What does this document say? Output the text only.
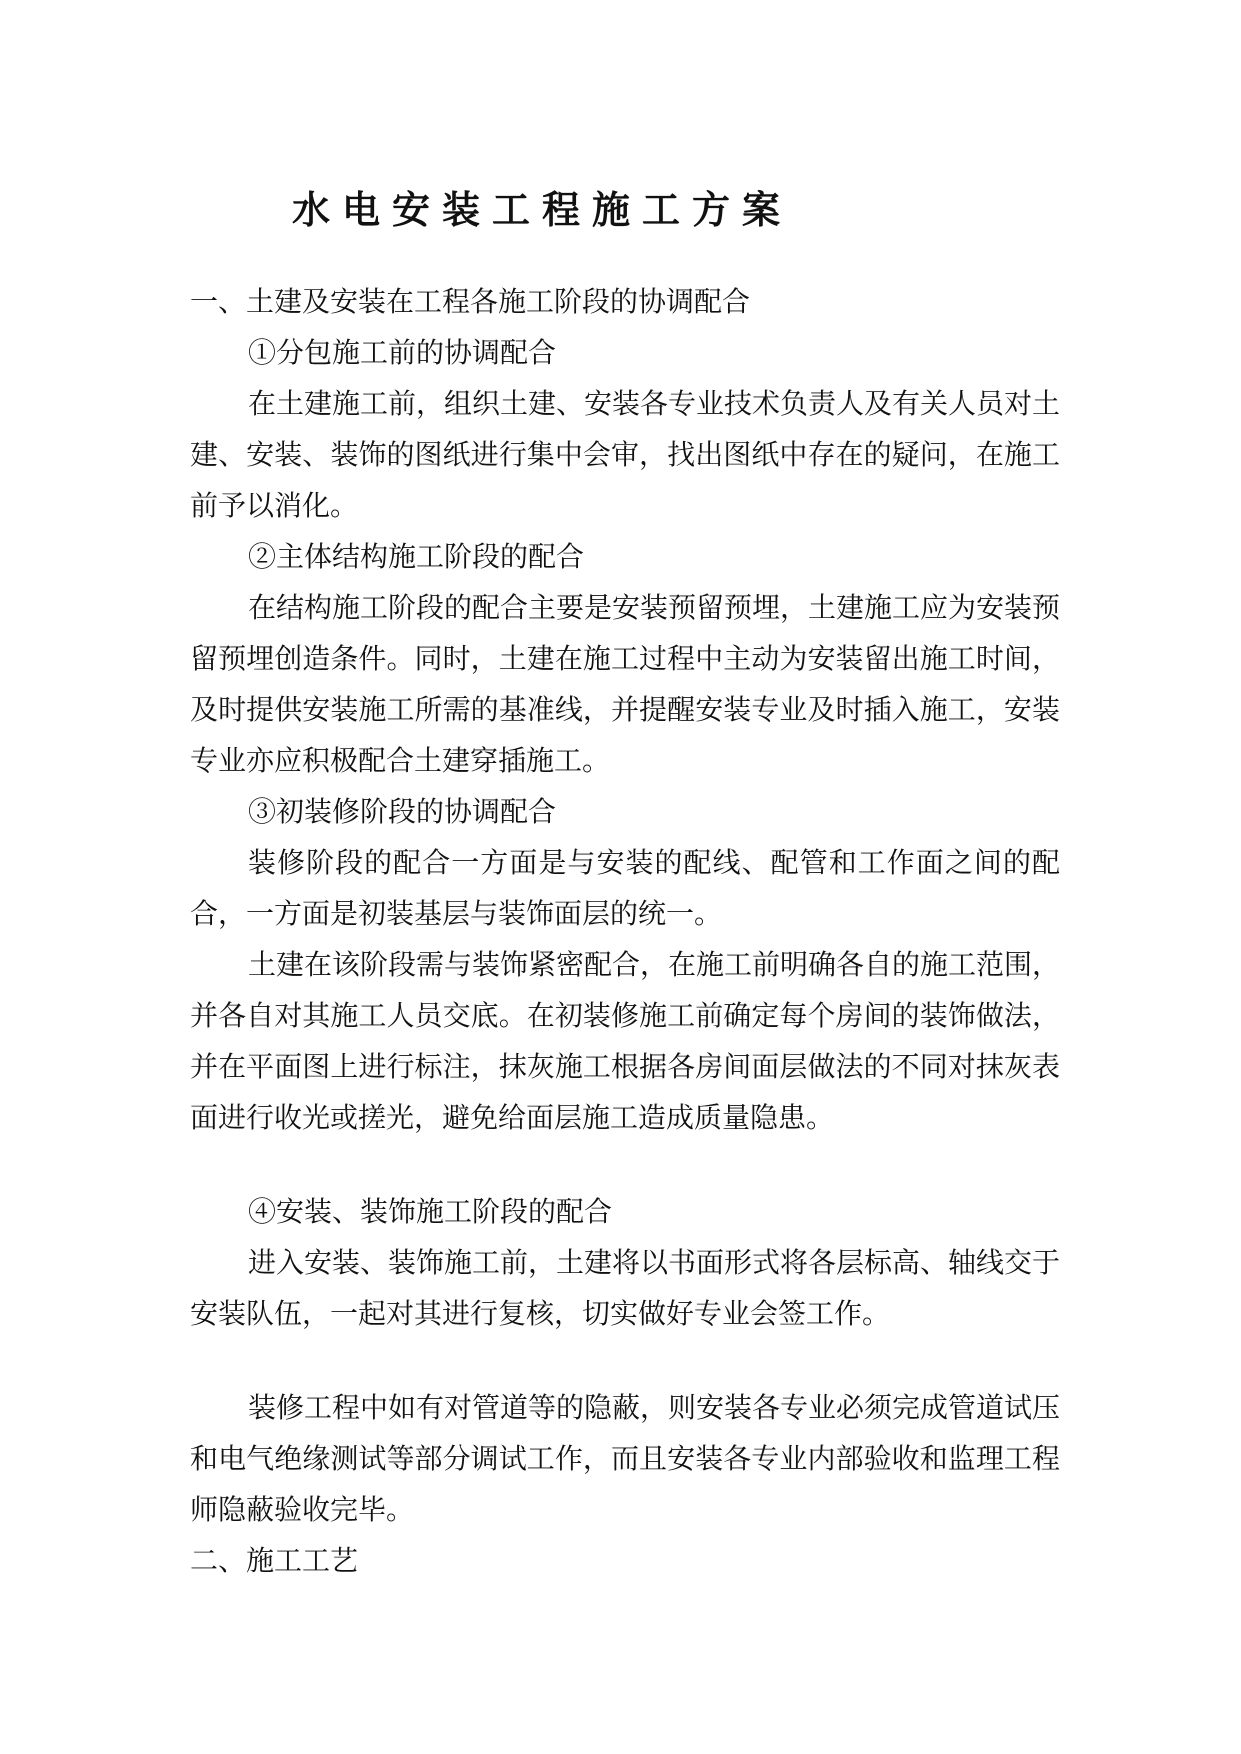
水电安装工程施工方案

一、土建及安装在工程各施工阶段的协调配合

①分包施工前的协调配合

在土建施工前，组织土建、安装各专业技术负责人及有关人员对土建、安装、装饰的图纸进行集中会审，找出图纸中存在的疑问，在施工前予以消化。

②主体结构施工阶段的配合

在结构施工阶段的配合主要是安装预留预埋，土建施工应为安装预留预埋创造条件。同时，土建在施工过程中主动为安装留出施工时间，及时提供安装施工所需的基准线，并提醒安装专业及时插入施工，安装专业亦应积极配合土建穿插施工。

③初装修阶段的协调配合

装修阶段的配合一方面是与安装的配线、配管和工作面之间的配合，一方面是初装基层与装饰面层的统一。

土建在该阶段需与装饰紧密配合，在施工前明确各自的施工范围，并各自对其施工人员交底。在初装修施工前确定每个房间的装饰做法，并在平面图上进行标注，抹灰施工根据各房间面层做法的不同对抹灰表面进行收光或搓光，避免给面层施工造成质量隐患。

④安装、装饰施工阶段的配合

进入安装、装饰施工前，土建将以书面形式将各层标高、轴线交于安装队伍，一起对其进行复核，切实做好专业会签工作。

装修工程中如有对管道等的隐蔽，则安装各专业必须完成管道试压和电气绝缘测试等部分调试工作，而且安装各专业内部验收和监理工程师隐蔽验收完毕。

二、施工工艺
